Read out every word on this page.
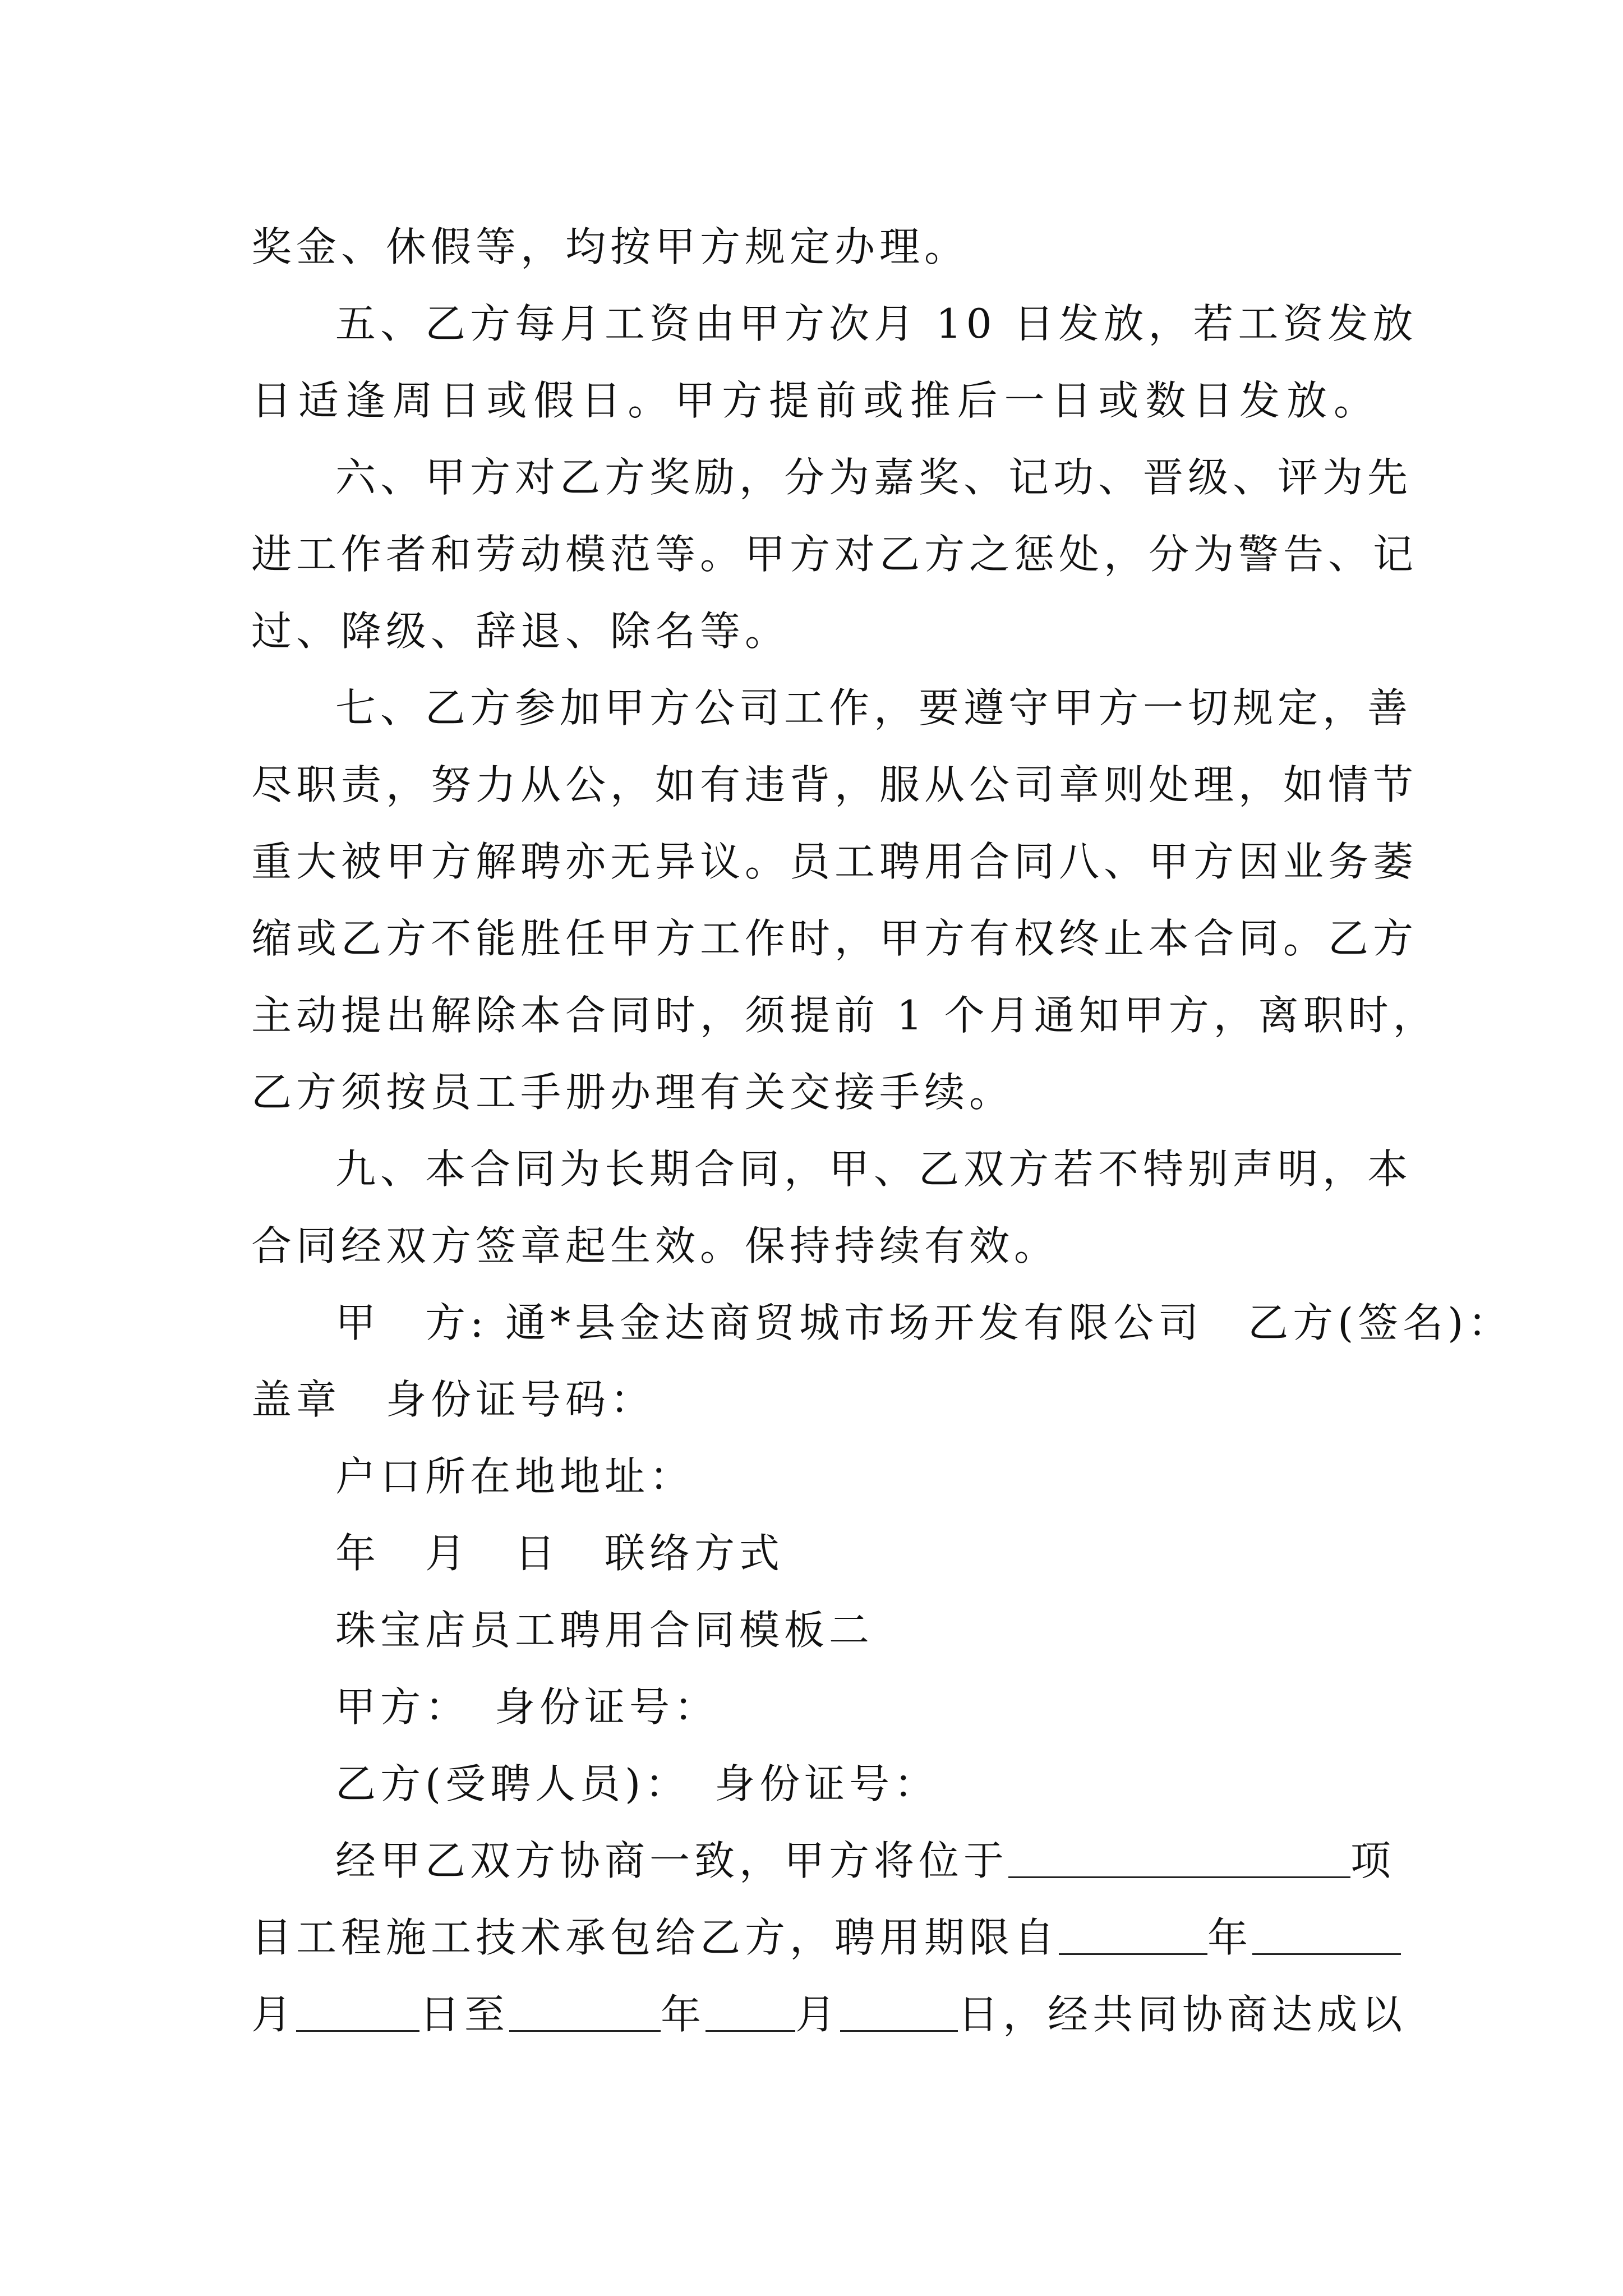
奖金、休假等，均按甲方规定办理。
五、乙方每月工资由甲方次月 10 日发放，若工资发放
日适逢周日或假日。甲方提前或推后一日或数日发放。
六、甲方对乙方奖励，分为嘉奖、记功、晋级、评为先
进工作者和劳动模范等。甲方对乙方之惩处，分为警告、记
过、降级、辞退、除名等。
七、乙方参加甲方公司工作，要遵守甲方一切规定，善
尽职责，努力从公，如有违背，服从公司章则处理，如情节
重大被甲方解聘亦无异议。员工聘用合同八、甲方因业务萎
缩或乙方不能胜任甲方工作时，甲方有权终止本合同。乙方
主动提出解除本合同时，须提前 1 个月通知甲方，离职时，
乙方须按员工手册办理有关交接手续。
九、本合同为长期合同，甲、乙双方若不特别声明，本
合同经双方签章起生效。保持持续有效。
甲　方: 通*县金达商贸城市场开发有限公司　乙方(签名)：
盖章　身份证号码：
户口所在地地址：
年　月　日　联络方式
珠宝店员工聘用合同模板二
甲方：　身份证号：
乙方(受聘人员)：　身份证号：
经甲乙双方协商一致，甲方将位于	项
目工程施工技术承包给乙方，聘用期限自	年
月	日至	年 月	日，经共同协商达成以
